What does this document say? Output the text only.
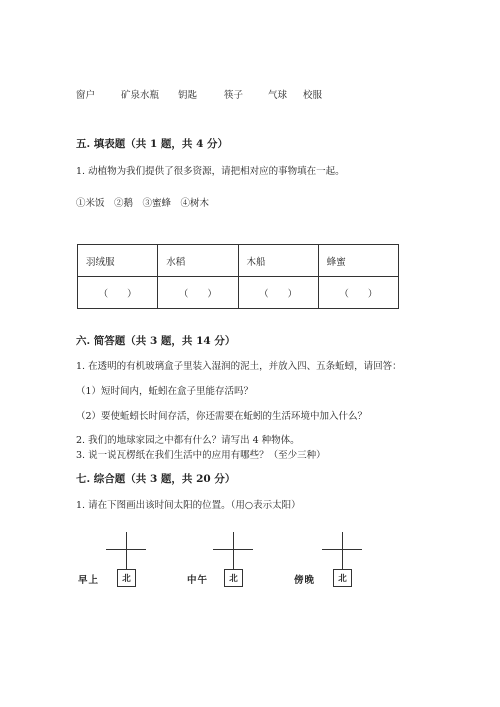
窗户	矿泉水瓶 钥匙	筷子	气球 校服
五. 填表题（共 1 题，共 4 分）
1. 动植物为我们提供了很多资源，请把相对应的事物填在一起。
①米饭　②鹅　③蜜蜂　④树木
羽绒服	水稻	木船	蜂蜜
（　　）	（　　）	（　　）	（　　）
六. 简答题（共 3 题，共 14 分）
1. 在透明的有机玻璃盒子里装入湿润的泥土，并放入四、五条蚯蚓，请回答：
（1）短时间内，蚯蚓在盒子里能存活吗？
（2）要使蚯蚓长时间存活，你还需要在蚯蚓的生活环境中加入什么？
2. 我们的地球家园之中都有什么？请写出 4 种物体。
3. 说一说瓦楞纸在我们生活中的应用有哪些？（至少三种）
七. 综合题（共 3 题，共 20 分）
1. 请在下图画出该时间太阳的位置。（用○表示太阳）
北
早上	北
中午	北
傍晚
